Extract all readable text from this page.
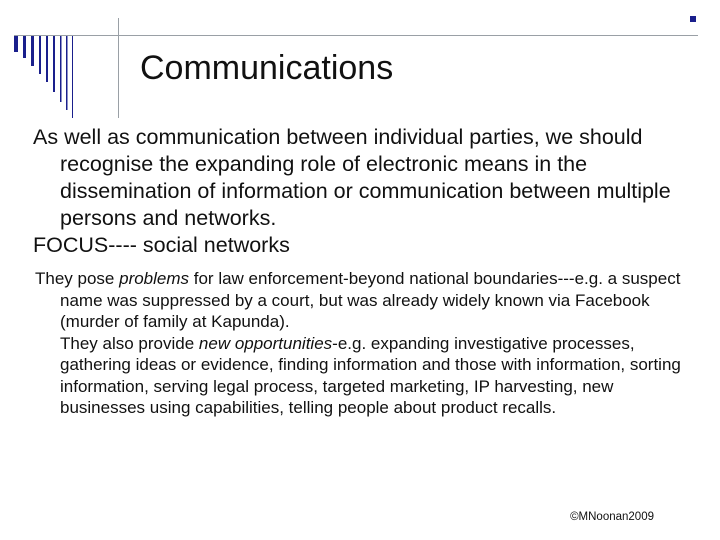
Communications

As well as communication between individual parties, we should recognise the expanding role of electronic means in the dissemination of information or communication between multiple persons and networks.

FOCUS---- social networks

They pose problems for law enforcement-beyond national boundaries---e.g. a suspect name was suppressed by a court, but was already widely known via Facebook (murder of family at Kapunda).

They also provide new opportunities-e.g. expanding investigative processes, gathering ideas or evidence, finding information and those with information, sorting information, serving legal process, targeted marketing, IP harvesting, new businesses using capabilities, telling people about product recalls.

©MNoonan2009
